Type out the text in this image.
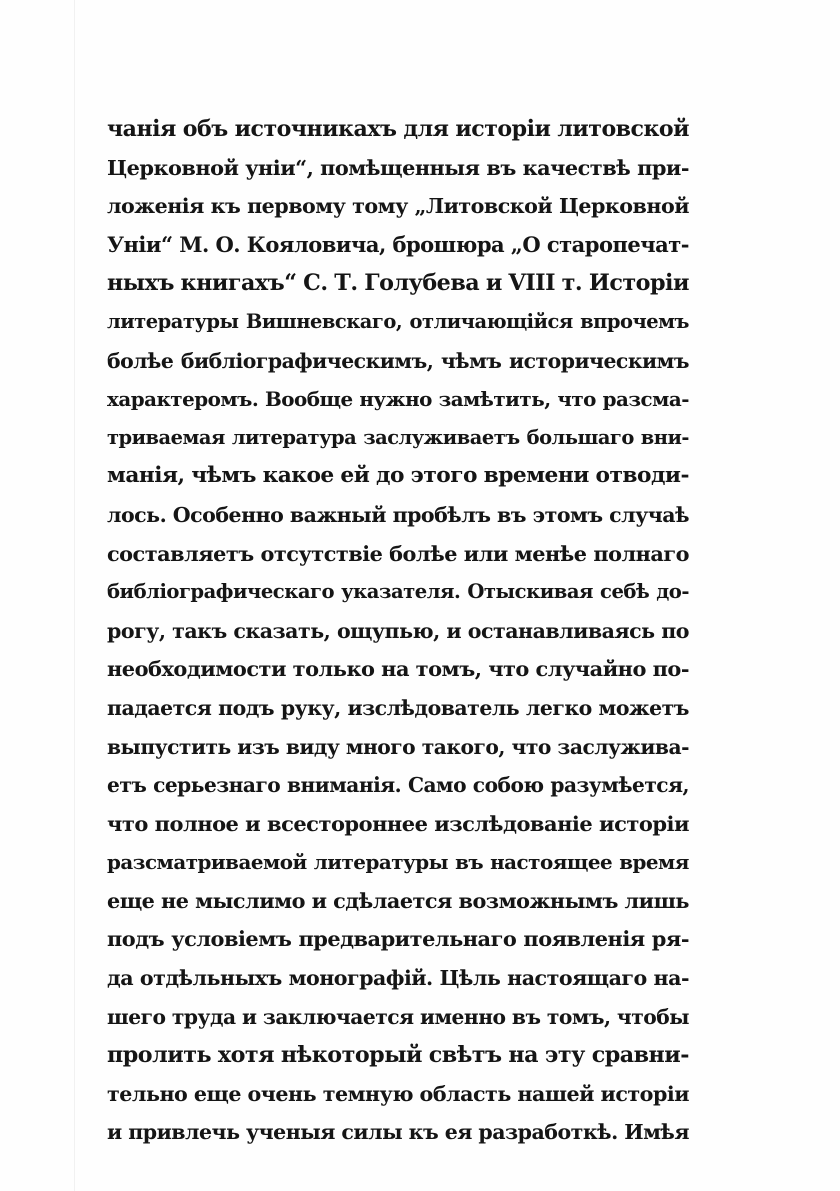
чанія объ источникахъ для исторіи литовской
Церковной уніи“, помѣщенныя въ качествѣ при-
ложенія къ первому тому „Литовской Церковной
Уніи“ М. О. Кояловича, брошюра „О старопечат-
ныхъ книгахъ“ С. Т. Голубева и VIII т. Исторіи
литературы Вишневскаго, отличающійся впрочемъ
болѣе библіографическимъ, чѣмъ историческимъ
характеромъ. Вообще нужно замѣтить, что разсма-
триваемая литература заслуживаетъ большаго вни-
манія, чѣмъ какое ей до этого времени отводи-
лось. Особенно важный пробѣлъ въ этомъ случаѣ
составляетъ отсутствіе болѣе или менѣе полнаго
библіографическаго указателя. Отыскивая себѣ до-
рогу, такъ сказать, ощупью, и останавливаясь по
необходимости только на томъ, что случайно по-
падается подъ руку, изслѣдователь легко можетъ
выпустить изъ виду много такого, что заслужива-
етъ серьезнаго вниманія. Само собою разумѣется,
что полное и всестороннее изслѣдованіе исторіи
разсматриваемой литературы въ настоящее время
еще не мыслимо и сдѣлается возможнымъ лишь
подъ условіемъ предварительнаго появленія ря-
да отдѣльныхъ монографій. Цѣль настоящаго на-
шего труда и заключается именно въ томъ, чтобы
пролить хотя нѣкоторый свѣтъ на эту сравни-
тельно еще очень темную область нашей исторіи
и привлечь ученыя силы къ ея разработкѣ. Имѣя
